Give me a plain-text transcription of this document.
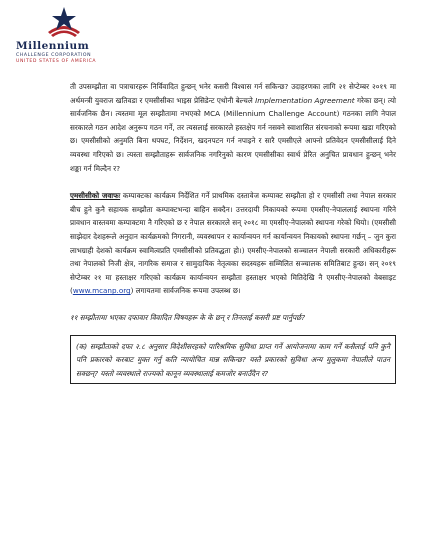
Millennium
CHALLENGE CORPORATION
UNITED STATES OF AMERICA

ती उपसम्झौता वा पत्राचारहरू निर्विवादित हुन्छन् भनेर कसरी विश्वास गर्न सकिन्छ? उदाहरणका लागि २१ सेप्टेम्बर २०१९ मा अर्थमन्त्री युवराज खतिवडा र एमसीसीका भाइस प्रेसिडेन्ट एथोनी बेल्चले Implementation Agreement गरेका छन्। त्यो सार्वजनिक छैन। त्यस्तमा मूल सम्झौतामा नभएको MCA (Millennium Challenge Account) गठनका लागि नेपाल सरकारले गठन आदेश अनुरूप गठन गर्ने, तर त्यसलाई सरकारले हस्तक्षेप गर्न नसक्ने स्वाशासित संरचनाको रूपमा खडा गरिएको छ। एमसीसीको अनुमति बिना थपघट, निर्देशन, खदनपटन गर्न नपाइने र सारै एमसीएले आफ्नो प्रतिवेदन एमसीसीलाई दिने व्यवस्था गरिएको छ। त्यस्ता सम्झौताहरू सार्वजनिक नगरिनुको कारण एमसीसीका स्वार्थ प्रेरित अनुचित प्रावधान हुन्छन् भनेर शङ्का गर्न मिल्दैन र?

एमसीसीको जवाफः कम्पाक्टका कार्यक्रम निर्देशित गर्ने प्राथमिक दस्तावेज कम्पाक्ट सम्झौता हो र एमसीसी तथा नेपाल सरकार बीच हुने कुनै सहायक सम्झौता कम्पाक्टभन्दा बाहिन सक्दैन। उत्तरदायी निकायको रूपमा एमसीए-नेपाललाई स्थापना गरिने प्रावधान वास्तवमा कम्पाक्टमा नै गरिएको छ र नेपाल सरकारले सन् २०१८ मा एमसीए-नेपालको स्थापना गरेको थियो। (एमसीसी साझेदार देशहरूले अनुदान कार्यक्रमको निगरानी, व्यवस्थापन र कार्यान्वयन गर्न कार्यान्वयन निकायको स्थापना गर्छन् – जुन कुरा लाभग्राही देशको कार्यक्रम स्वामित्वप्रति एमसीसीको प्रतिवद्धता हो।) एमसीए-नेपालको सञ्चालन नेपाली सरकारी अधिकारीहरू तथा नेपालको निजी क्षेत्र, नागरिक समाज र सामुदायिक नेतृत्वका सदस्यहरू सम्मिलित सञ्चालक समितिबाट हुन्छ। सन् २०१९ सेप्टेम्बर २१ मा हस्ताक्षर गरिएको कार्यक्रम कार्यान्वयन सम्झौता हस्ताक्षर भएको मितिदेखि नै एमसीए-नेपालको वेबसाइट (www.mcanp.org) लगायतमा सार्वजनिक रूपमा उपलब्ध छ।

११ सम्झौतामा भएका दफावार विवादित विषयहरू के के छन् र तिनलाई कसरी प्रष्ट पार्नुपर्छ?

(क) सम्झौताको दफा २.८ अनुसार विदेशीसरहको पारिश्रमिक सुविधा प्राप्त गर्ने आयोजनामा काम गर्ने कसैलाई पनि कुनै पनि प्रकारको करबाट मुक्त गर्नु कति न्यायोचित मान्न सकिन्छ? यस्तै प्रकारको सुविधा अन्य मुलुकमा नेपालीले पाउन सक्छन्? यस्तो व्यवस्थाले राज्यको कानून व्यवस्थालाई कमजोर बनाउँदैन र?
